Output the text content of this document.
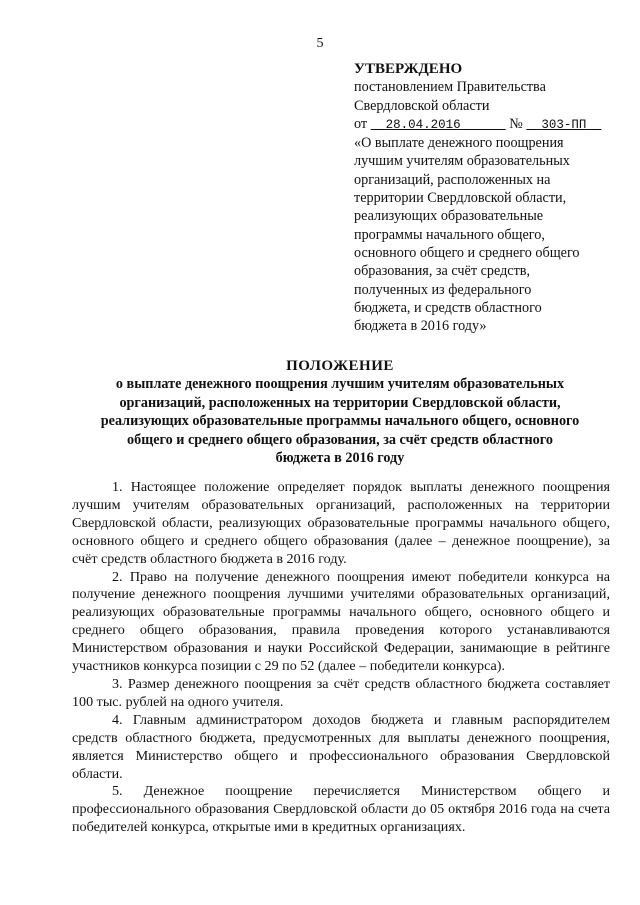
5
УТВЕРЖДЕНО
постановлением Правительства
Свердловской области
от 28.04.2016	№ 303-ПП
«О выплате денежного поощрения
лучшим учителям образовательных
организаций, расположенных на
территории Свердловской области,
реализующих образовательные
программы начального общего,
основного общего и среднего общего
образования, за счёт средств,
полученных из федерального
бюджета, и средств областного
бюджета в 2016 году»
ПОЛОЖЕНИЕ
о выплате денежного поощрения лучшим учителям образовательных
организаций, расположенных на территории Свердловской области,
реализующих образовательные программы начального общего, основного
общего и среднего общего образования, за счёт средств областного
бюджета в 2016 году

1. Настоящее положение определяет порядок выплаты денежного поощрения лучшим учителям образовательных организаций, расположенных на территории Свердловской области, реализующих образовательные программы начального общего, основного общего и среднего общего образования (далее – денежное поощрение), за счёт средств областного бюджета в 2016 году.

2. Право на получение денежного поощрения имеют победители конкурса на получение денежного поощрения лучшими учителями образовательных организаций, реализующих образовательные программы начального общего, основного общего и среднего общего образования, правила проведения которого устанавливаются Министерством образования и науки Российской Федерации, занимающие в рейтинге участников конкурса позиции с 29 по 52 (далее – победители конкурса).

3. Размер денежного поощрения за счёт средств областного бюджета составляет 100 тыс. рублей на одного учителя.

4. Главным администратором доходов бюджета и главным распорядителем средств областного бюджета, предусмотренных для выплаты денежного поощрения, является Министерство общего и профессионального образования Свердловской области.

5. Денежное поощрение перечисляется Министерством общего и профессионального образования Свердловской области до 05 октября 2016 года на счета победителей конкурса, открытые ими в кредитных организациях.
